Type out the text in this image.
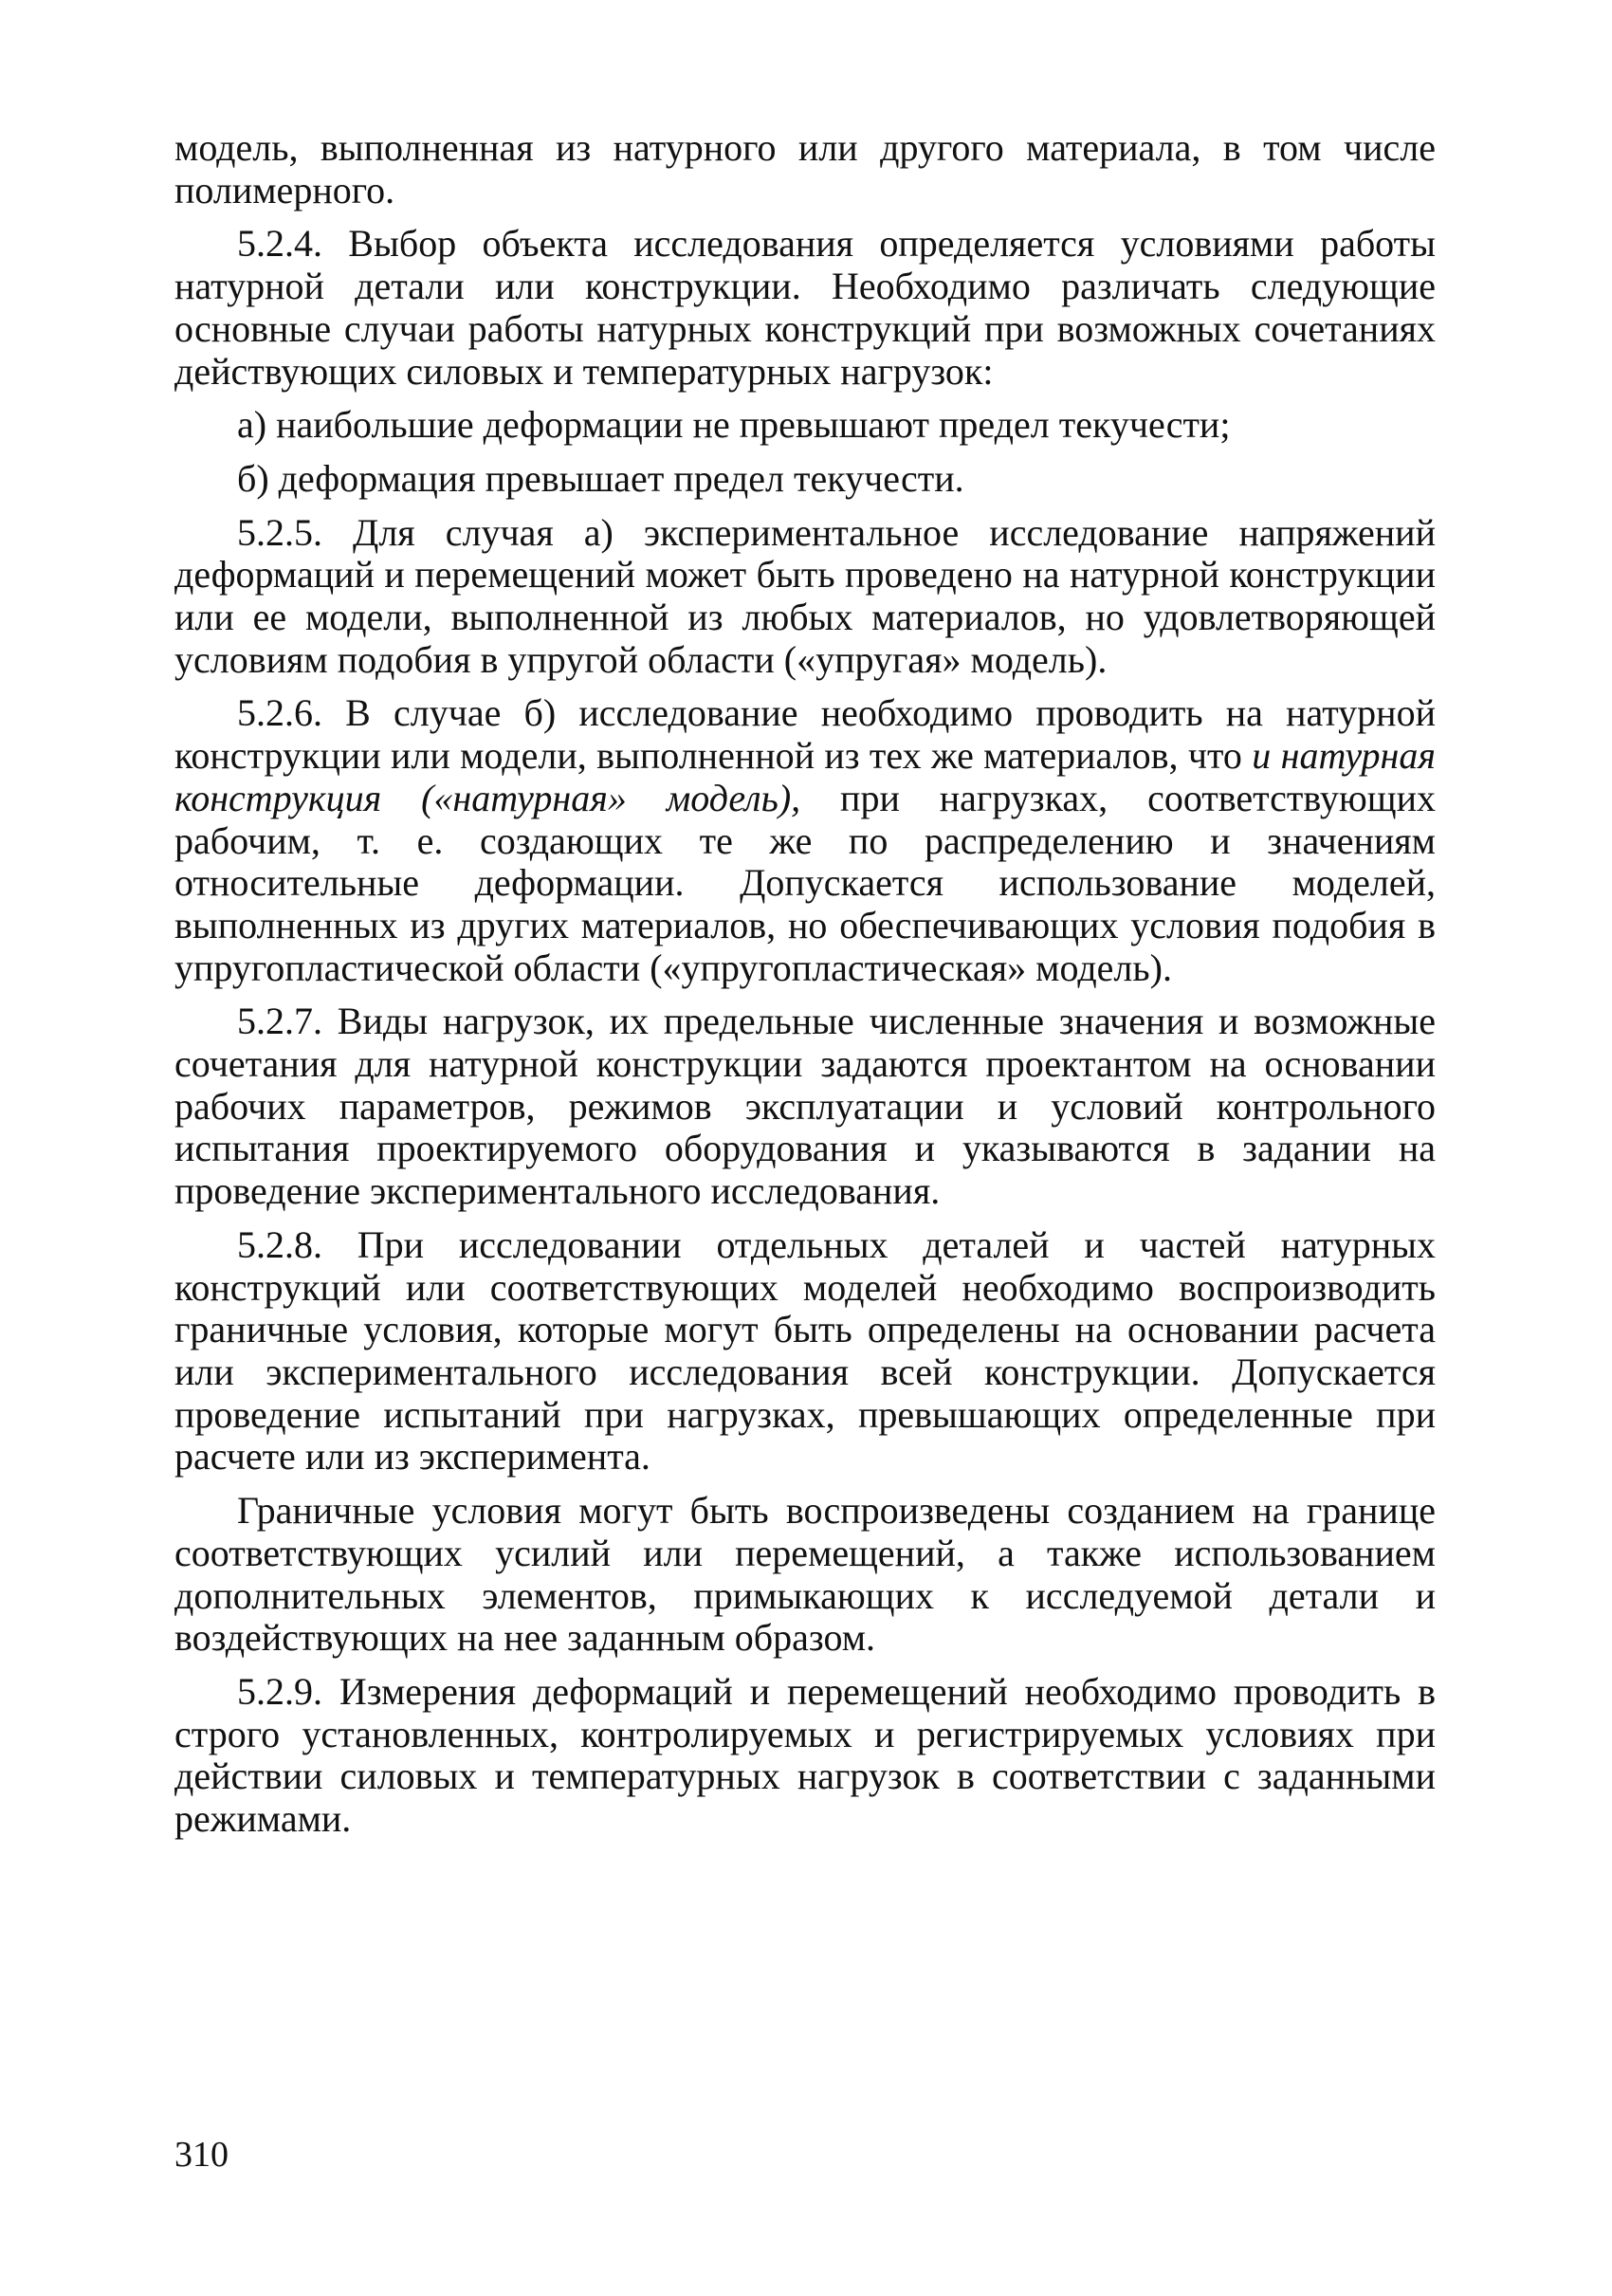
модель, выполненная из натурного или другого материала, в том числе полимерного.

5.2.4. Выбор объекта исследования определяется условиями работы натурной детали или конструкции. Необходимо различать следующие основные случаи работы натурных конструкций при возможных сочетаниях действующих силовых и температурных нагрузок:

а) наибольшие деформации не превышают предел текучести;

б) деформация превышает предел текучести.

5.2.5. Для случая а) экспериментальное исследование напряжений деформаций и перемещений может быть проведено на натурной конструкции или ее модели, выполненной из любых материалов, но удовлетворяющей условиям подобия в упругой области («упругая» модель).

5.2.6. В случае б) исследование необходимо проводить на натурной конструкции или модели, выполненной из тех же материалов, что и натурная конструкция («натурная» модель), при нагрузках, соответствующих рабочим, т. е. создающих те же по распределению и значениям относительные деформации. Допускается использование моделей, выполненных из других материалов, но обеспечивающих условия подобия в упругопластической области («упругопластическая» модель).

5.2.7. Виды нагрузок, их предельные численные значения и возможные сочетания для натурной конструкции задаются проектантом на основании рабочих параметров, режимов эксплуатации и условий контрольного испытания проектируемого оборудования и указываются в задании на проведение экспериментального исследования.

5.2.8. При исследовании отдельных деталей и частей натурных конструкций или соответствующих моделей необходимо воспроизводить граничные условия, которые могут быть определены на основании расчета или экспериментального исследования всей конструкции. Допускается проведение испытаний при нагрузках, превышающих определенные при расчете или из эксперимента.

Граничные условия могут быть воспроизведены созданием на границе соответствующих усилий или перемещений, а также использованием дополнительных элементов, примыкающих к исследуемой детали и воздействующих на нее заданным образом.

5.2.9. Измерения деформаций и перемещений необходимо проводить в строго установленных, контролируемых и регистрируемых условиях при действии силовых и температурных нагрузок в соответствии с заданными режимами.

310
